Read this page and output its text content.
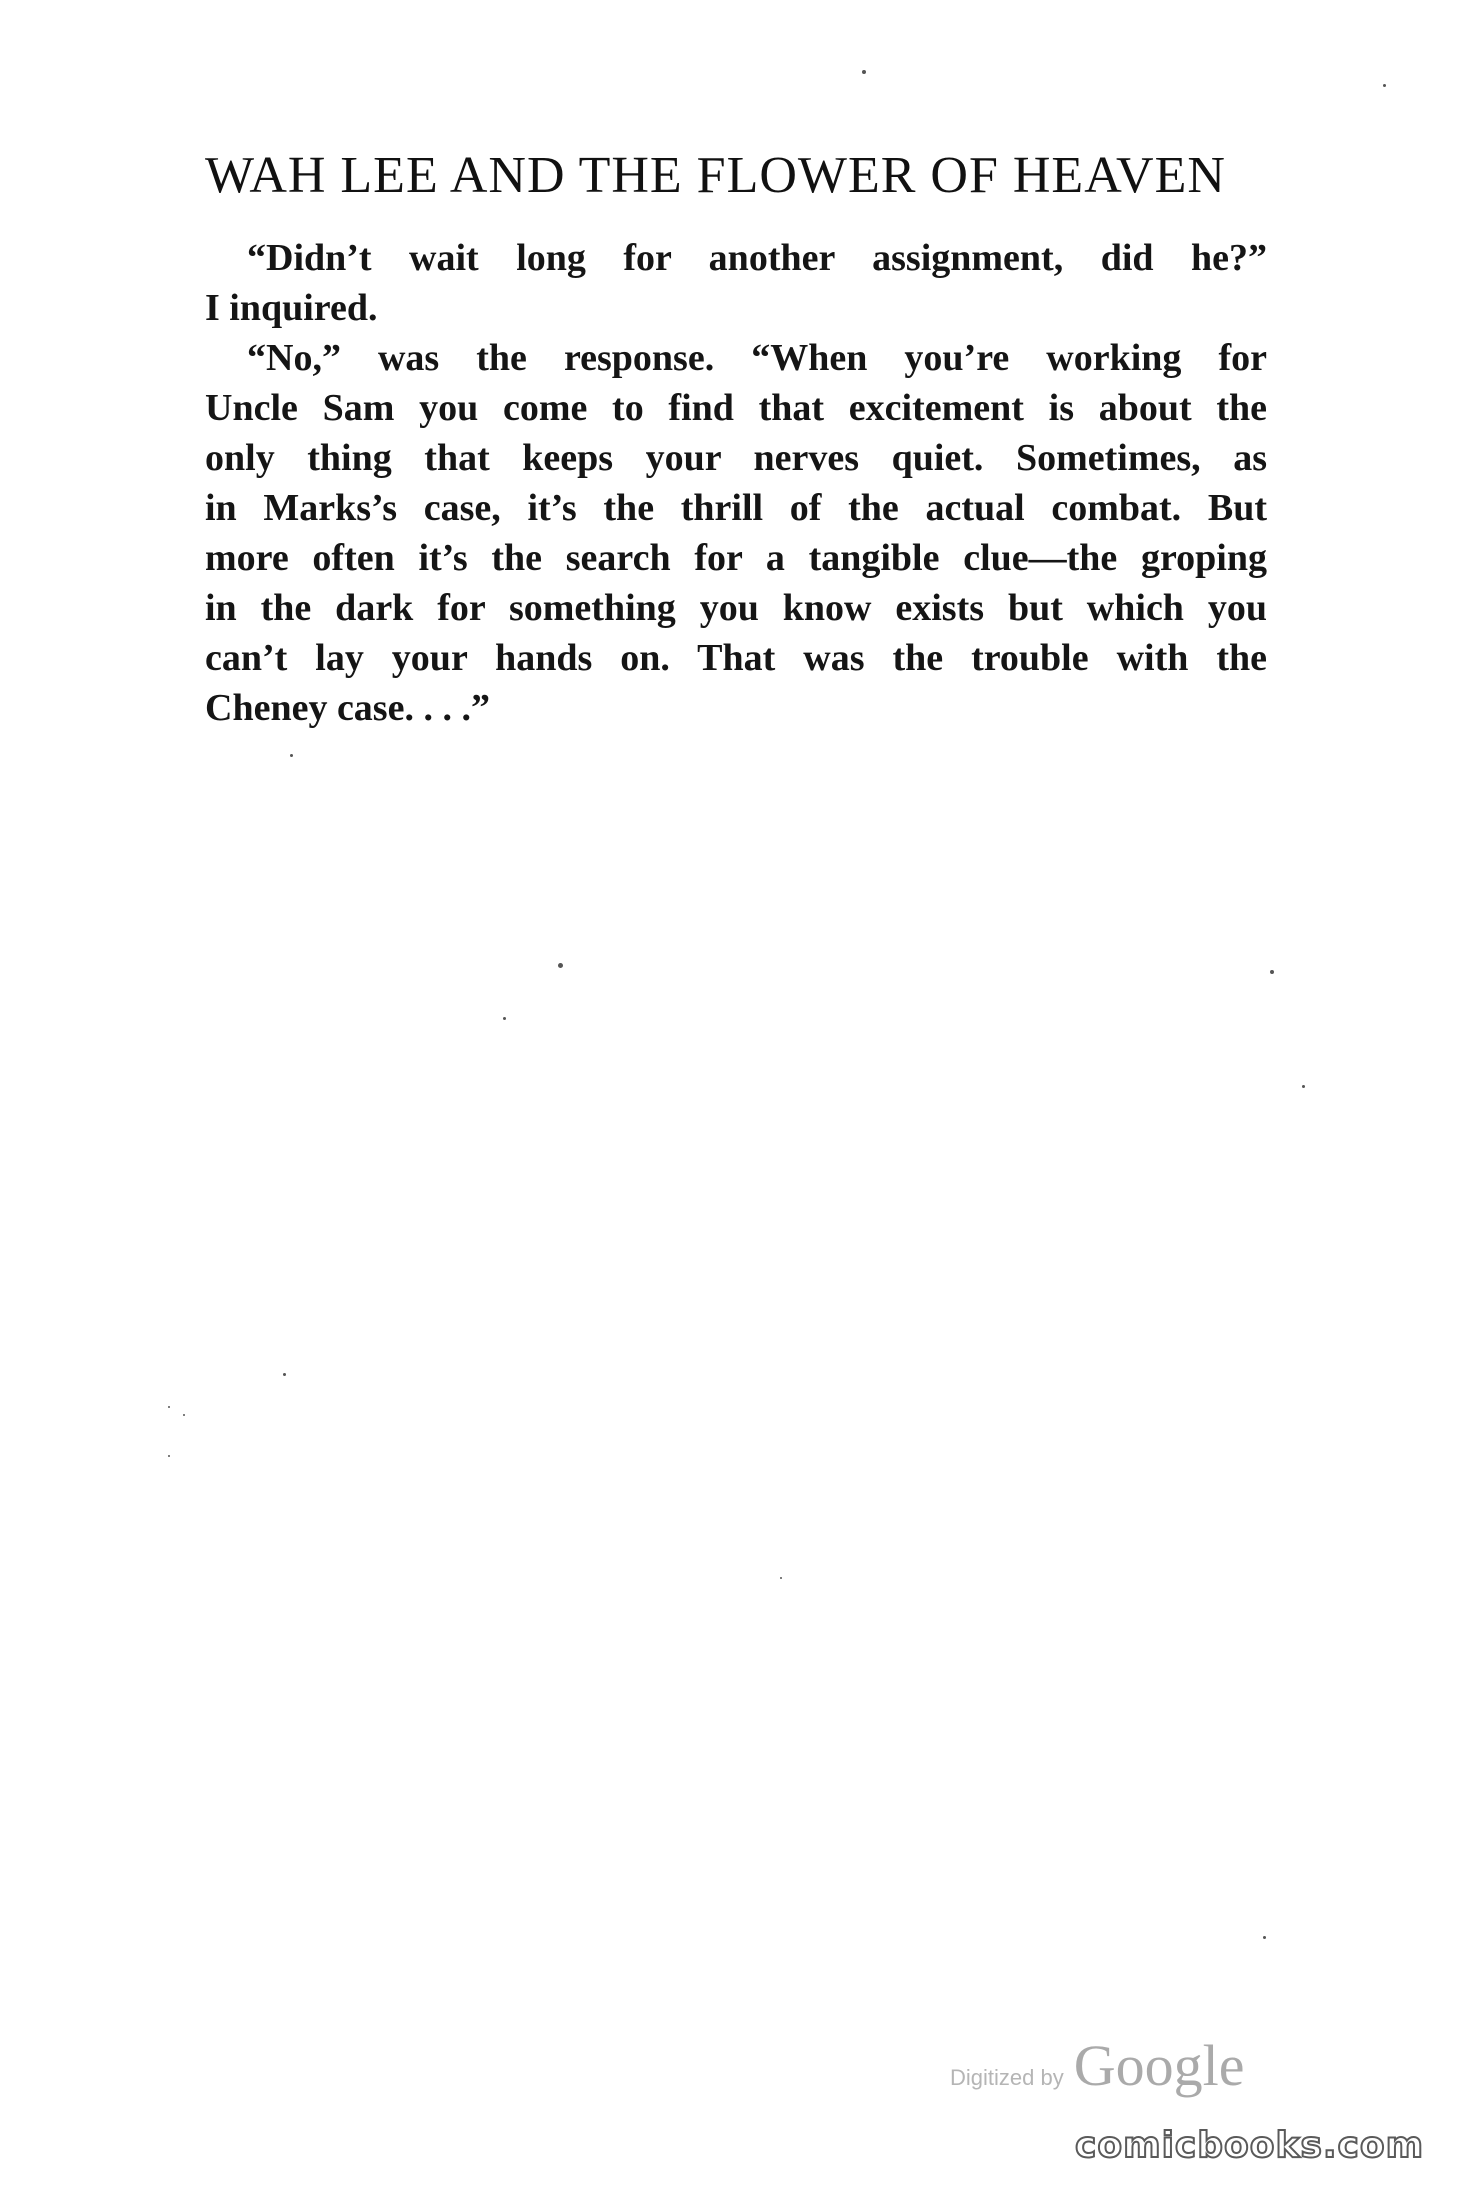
WAH LEE AND THE FLOWER OF HEAVEN
“Didn’t wait long for another assignment, did he?”
I inquired.
“No,” was the response. “When you’re working for
Uncle Sam you come to find that excitement is about the
only thing that keeps your nerves quiet. Sometimes, as
in Marks’s case, it’s the thrill of the actual combat. But
more often it’s the search for a tangible clue—the groping
in the dark for something you know exists but which you
can’t lay your hands on. That was the trouble with the
Cheney case. . . .”
Digitized by Google
comicbooks.com
